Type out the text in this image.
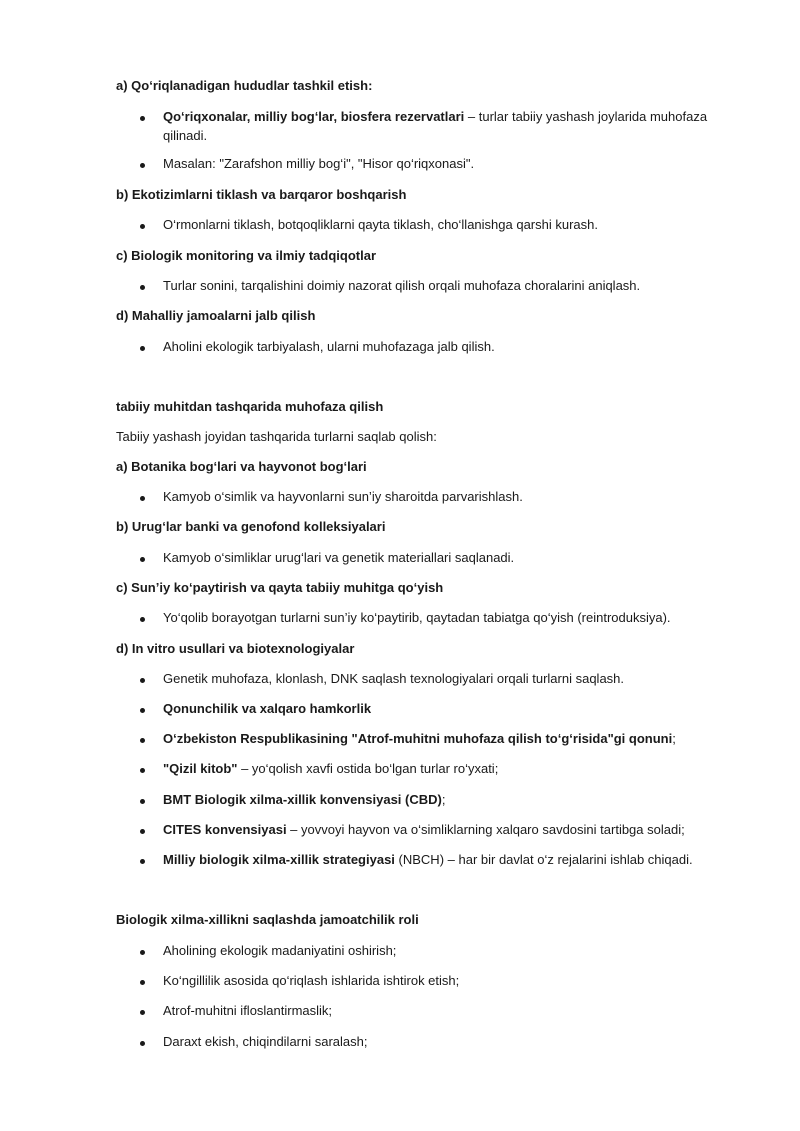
a) Qo‘riqlanadigan hududlar tashkil etish:
Qo‘riqxonalar, milliy bog‘lar, biosfera rezervatlari – turlar tabiiy yashash joylarida muhofaza
qilinadi.
Masalan: "Zarafshon milliy bog‘i", "Hisor qo‘riqxonasi".
b) Ekotizimlarni tiklash va barqaror boshqarish
O‘rmonlarni tiklash, botqoqliklarni qayta tiklash, cho‘llanishga qarshi kurash.
c) Biologik monitoring va ilmiy tadqiqotlar
Turlar sonini, tarqalishini doimiy nazorat qilish orqali muhofaza choralarini aniqlash.
d) Mahalliy jamoalarni jalb qilish
Aholini ekologik tarbiyalash, ularni muhofazaga jalb qilish.
tabiiy muhitdan tashqarida muhofaza qilish
Tabiiy yashash joyidan tashqarida turlarni saqlab qolish:
a) Botanika bog‘lari va hayvonot bog‘lari
Kamyob o‘simlik va hayvonlarni sun’iy sharoitda parvarishlash.
b) Urug‘lar banki va genofond kolleksiyalari
Kamyob o‘simliklar urug‘lari va genetik materiallari saqlanadi.
c) Sun’iy ko‘paytirish va qayta tabiiy muhitga qo‘yish
Yo‘qolib borayotgan turlarni sun’iy ko‘paytirib, qaytadan tabiatga qo‘yish (reintroduksiya).
d) In vitro usullari va biotexnologiyalar
Genetik muhofaza, klonlash, DNK saqlash texnologiyalari orqali turlarni saqlash.
Qonunchilik va xalqaro hamkorlik
O‘zbekiston Respublikasining "Atrof-muhitni muhofaza qilish to‘g‘risida"gi qonuni;
"Qizil kitob" – yo‘qolish xavfi ostida bo‘lgan turlar ro‘yxati;
BMT Biologik xilma-xillik konvensiyasi (CBD);
CITES konvensiyasi – yovvoyi hayvon va o‘simliklarning xalqaro savdosini tartibga soladi;
Milliy biologik xilma-xillik strategiyasi (NBCH) – har bir davlat o‘z rejalarini ishlab chiqadi.
Biologik xilma-xillikni saqlashda jamoatchilik roli
Aholining ekologik madaniyatini oshirish;
Ko‘ngillilik asosida qo‘riqlash ishlarida ishtirok etish;
Atrof-muhitni ifloslantirmaslik;
Daraxt ekish, chiqindilarni saralash;
